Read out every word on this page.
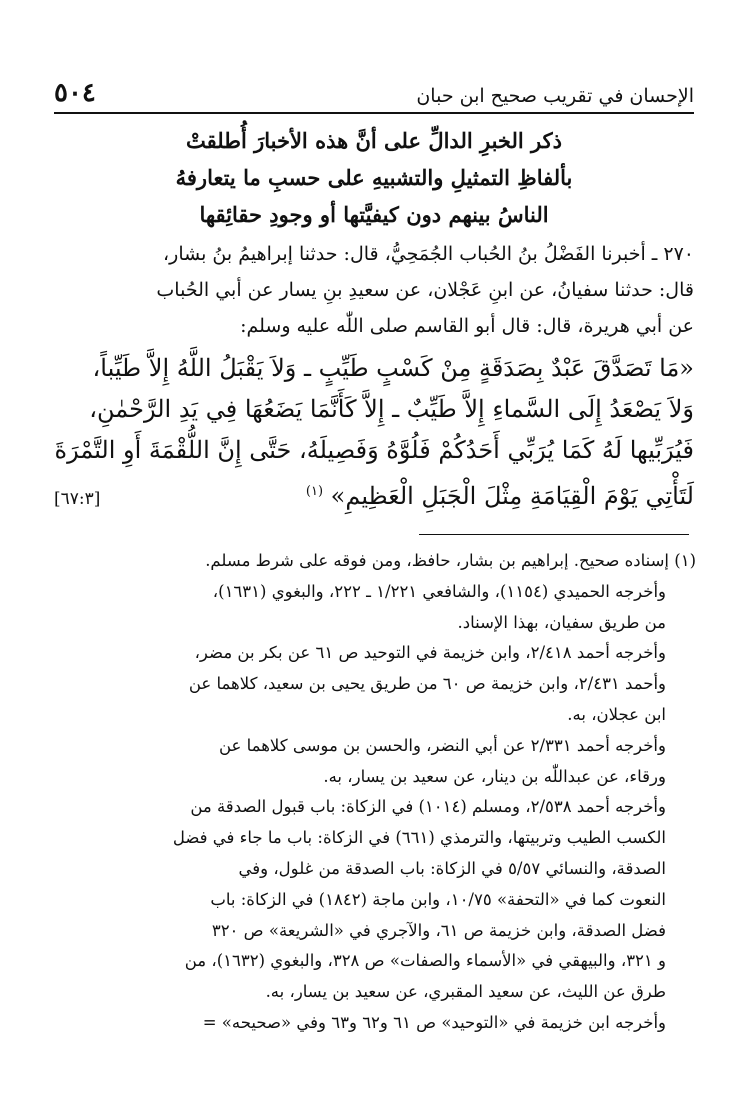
الإحسان في تقريب صحيح ابن حبان
٥٠٤
ذكر الخبرِ الدالِّ على أنَّ هذه الأخبارَ أُطلقتْ
بألفاظِ التمثيلِ والتشبيهِ على حسبِ ما يتعارفهُ
الناسُ بينهم دون كيفيَّتها أو وجودِ حقائِقها
٢٧٠ ـ أخبرنا الفَضْلُ بنُ الحُباب الجُمَحِيُّ، قال: حدثنا إبراهيمُ بنُ بشار،
قال: حدثنا سفيانُ، عن ابنِ عَجْلان، عن سعيدِ بنِ يسار عن أبي الحُباب
عن أبي هريرة، قال: قال أبو القاسم صلى اللّٰه عليه وسلم:
«مَا تَصَدَّقَ عَبْدٌ بِصَدَقَةٍ مِنْ كَسْبٍ طَيِّبٍ ـ وَلاَ يَقْبَلُ اللَّهُ إِلاَّ طَيِّباً،
وَلاَ يَصْعَدُ إِلَى السَّماءِ إِلاَّ طَيِّبٌ ـ إِلاَّ كَأَنَّمَا يَضَعُهَا فِي يَدِ الرَّحْمٰنِ،
فَيُرَبِّيها لَهُ كَمَا يُرَبِّي أَحَدُكُمْ فَلُوَّهُ وَفَصِيلَهُ، حَتَّى إِنَّ اللُّقْمَةَ أَوِ التَّمْرَةَ
لَتَأْتِي يَوْمَ الْقِيَامَةِ مِثْلَ الْجَبَلِ الْعَظِيمِ» $^{(١)}$
[٦٧:٣]
(١) إسناده صحيح. إبراهيم بن بشار، حافظ، ومن فوقه على شرط مسلم.
وأخرجه الحميدي (١١٥٤)، والشافعي ١/٢٢١ ـ ٢٢٢، والبغوي (١٦٣١)،
من طريق سفيان، بهذا الإسناد.
وأخرجه أحمد ٢/٤١٨، وابن خزيمة في التوحيد ص ٦١ عن بكر بن مضر،
وأحمد ٢/٤٣١، وابن خزيمة ص ٦٠ من طريق يحيى بن سعيد، كلاهما عن
ابن عجلان، به.
وأخرجه أحمد ٢/٣٣١ عن أبي النضر، والحسن بن موسى كلاهما عن
ورقاء، عن عبداللّٰه بن دينار، عن سعيد بن يسار، به.
وأخرجه أحمد ٢/٥٣٨، ومسلم (١٠١٤) في الزكاة: باب قبول الصدقة من
الكسب الطيب وتربيتها، والترمذي (٦٦١) في الزكاة: باب ما جاء في فضل
الصدقة، والنسائي ٥/٥٧ في الزكاة: باب الصدقة من غلول، وفي
النعوت كما في «التحفة» ١٠/٧٥، وابن ماجة (١٨٤٢) في الزكاة: باب
فضل الصدقة، وابن خزيمة ص ٦١، والآجري في «الشريعة» ص ٣٢٠
و ٣٢١، والبيهقي في «الأسماء والصفات» ص ٣٢٨، والبغوي (١٦٣٢)، من
طرق عن الليث، عن سعيد المقبري، عن سعيد بن يسار، به.
وأخرجه ابن خزيمة في «التوحيد» ص ٦١ و٦٢ و٦٣ وفي «صحيحه» =
